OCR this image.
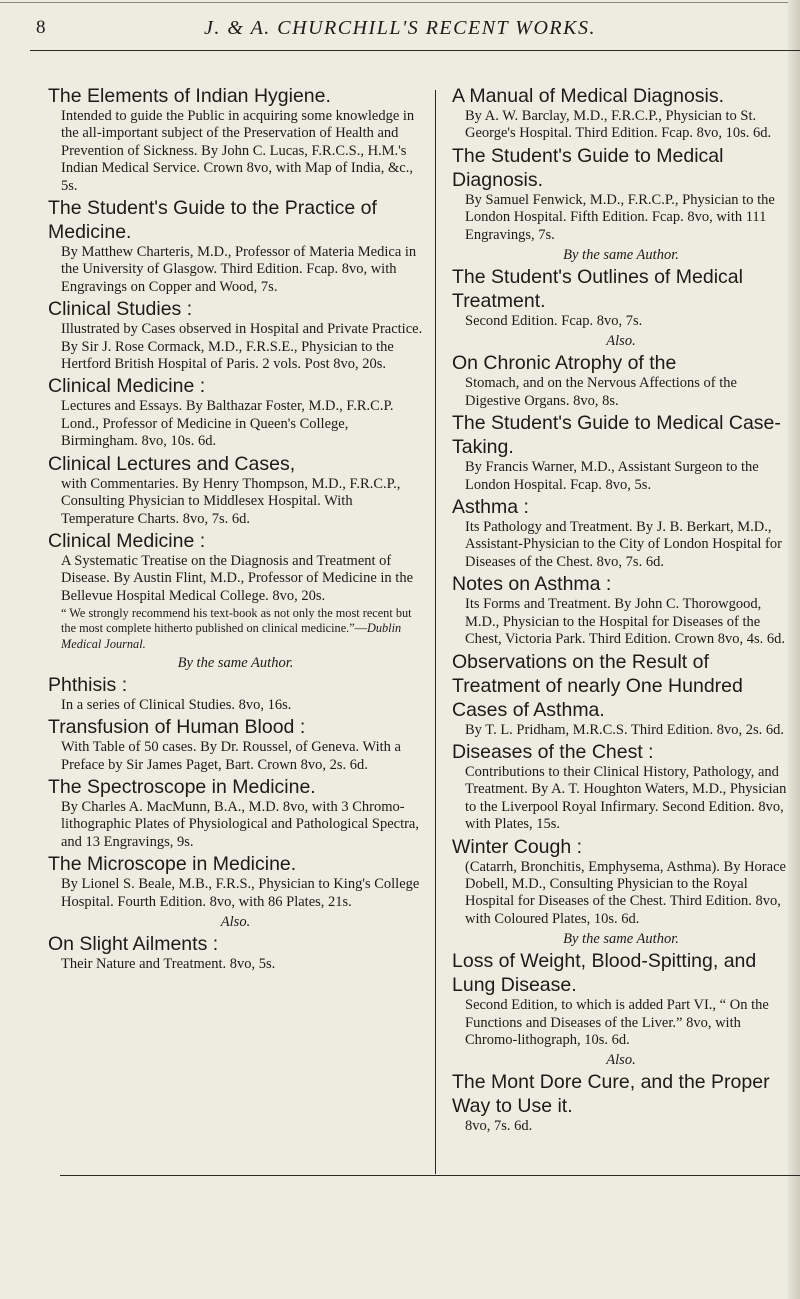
8	J. & A. CHURCHILL'S RECENT WORKS.
The Elements of Indian Hygiene.
Intended to guide the Public in acquiring some knowledge in the all-important subject of the Preservation of Health and Prevention of Sickness. By John C. Lucas, F.R.C.S., H.M.'s Indian Medical Service. Crown 8vo, with Map of India, &c., 5s.
The Student's Guide to the Practice of Medicine.
By Matthew Charteris, M.D., Professor of Materia Medica in the University of Glasgow. Third Edition. Fcap. 8vo, with Engravings on Copper and Wood, 7s.
Clinical Studies :
Illustrated by Cases observed in Hospital and Private Practice. By Sir J. Rose Cormack, M.D., F.R.S.E., Physician to the Hertford British Hospital of Paris. 2 vols. Post 8vo, 20s.
Clinical Medicine :
Lectures and Essays. By Balthazar Foster, M.D., F.R.C.P. Lond., Professor of Medicine in Queen's College, Birmingham. 8vo, 10s. 6d.
Clinical Lectures and Cases,
with Commentaries. By Henry Thompson, M.D., F.R.C.P., Consulting Physician to Middlesex Hospital. With Temperature Charts. 8vo, 7s. 6d.
Clinical Medicine :
A Systematic Treatise on the Diagnosis and Treatment of Disease. By Austin Flint, M.D., Professor of Medicine in the Bellevue Hospital Medical College. 8vo, 20s.
“ We strongly recommend his text-book as not only the most recent but the most complete hitherto published on clinical medicine.”—Dublin Medical Journal.
By the same Author.
Phthisis :
In a series of Clinical Studies. 8vo, 16s.
Transfusion of Human Blood :
With Table of 50 cases. By Dr. Roussel, of Geneva. With a Preface by Sir James Paget, Bart. Crown 8vo, 2s. 6d.
The Spectroscope in Medicine.
By Charles A. MacMunn, B.A., M.D. 8vo, with 3 Chromo-lithographic Plates of Physiological and Pathological Spectra, and 13 Engravings, 9s.
The Microscope in Medicine.
By Lionel S. Beale, M.B., F.R.S., Physician to King's College Hospital. Fourth Edition. 8vo, with 86 Plates, 21s.
Also.
On Slight Ailments :
Their Nature and Treatment. 8vo, 5s.
A Manual of Medical Diagnosis.
By A. W. Barclay, M.D., F.R.C.P., Physician to St. George's Hospital. Third Edition. Fcap. 8vo, 10s. 6d.
The Student's Guide to Medical Diagnosis.
By Samuel Fenwick, M.D., F.R.C.P., Physician to the London Hospital. Fifth Edition. Fcap. 8vo, with 111 Engravings, 7s.
By the same Author.
The Student's Outlines of Medical Treatment.
Second Edition. Fcap. 8vo, 7s.
Also.
On Chronic Atrophy of the
Stomach, and on the Nervous Affections of the Digestive Organs. 8vo, 8s.
The Student's Guide to Medical Case-Taking.
By Francis Warner, M.D., Assistant Surgeon to the London Hospital. Fcap. 8vo, 5s.
Asthma :
Its Pathology and Treatment. By J. B. Berkart, M.D., Assistant-Physician to the City of London Hospital for Diseases of the Chest. 8vo, 7s. 6d.
Notes on Asthma :
Its Forms and Treatment. By John C. Thorowgood, M.D., Physician to the Hospital for Diseases of the Chest, Victoria Park. Third Edition. Crown 8vo, 4s. 6d.
Observations on the Result of Treatment of nearly One Hundred Cases of Asthma.
By T. L. Pridham, M.R.C.S. Third Edition. 8vo, 2s. 6d.
Diseases of the Chest :
Contributions to their Clinical History, Pathology, and Treatment. By A. T. Houghton Waters, M.D., Physician to the Liverpool Royal Infirmary. Second Edition. 8vo, with Plates, 15s.
Winter Cough :
(Catarrh, Bronchitis, Emphysema, Asthma). By Horace Dobell, M.D., Consulting Physician to the Royal Hospital for Diseases of the Chest. Third Edition. 8vo, with Coloured Plates, 10s. 6d.
By the same Author.
Loss of Weight, Blood-Spitting, and Lung Disease.
Second Edition, to which is added Part VI., “ On the Functions and Diseases of the Liver.” 8vo, with Chromo-lithograph, 10s. 6d.
Also.
The Mont Dore Cure, and the Proper Way to Use it.
8vo, 7s. 6d.
